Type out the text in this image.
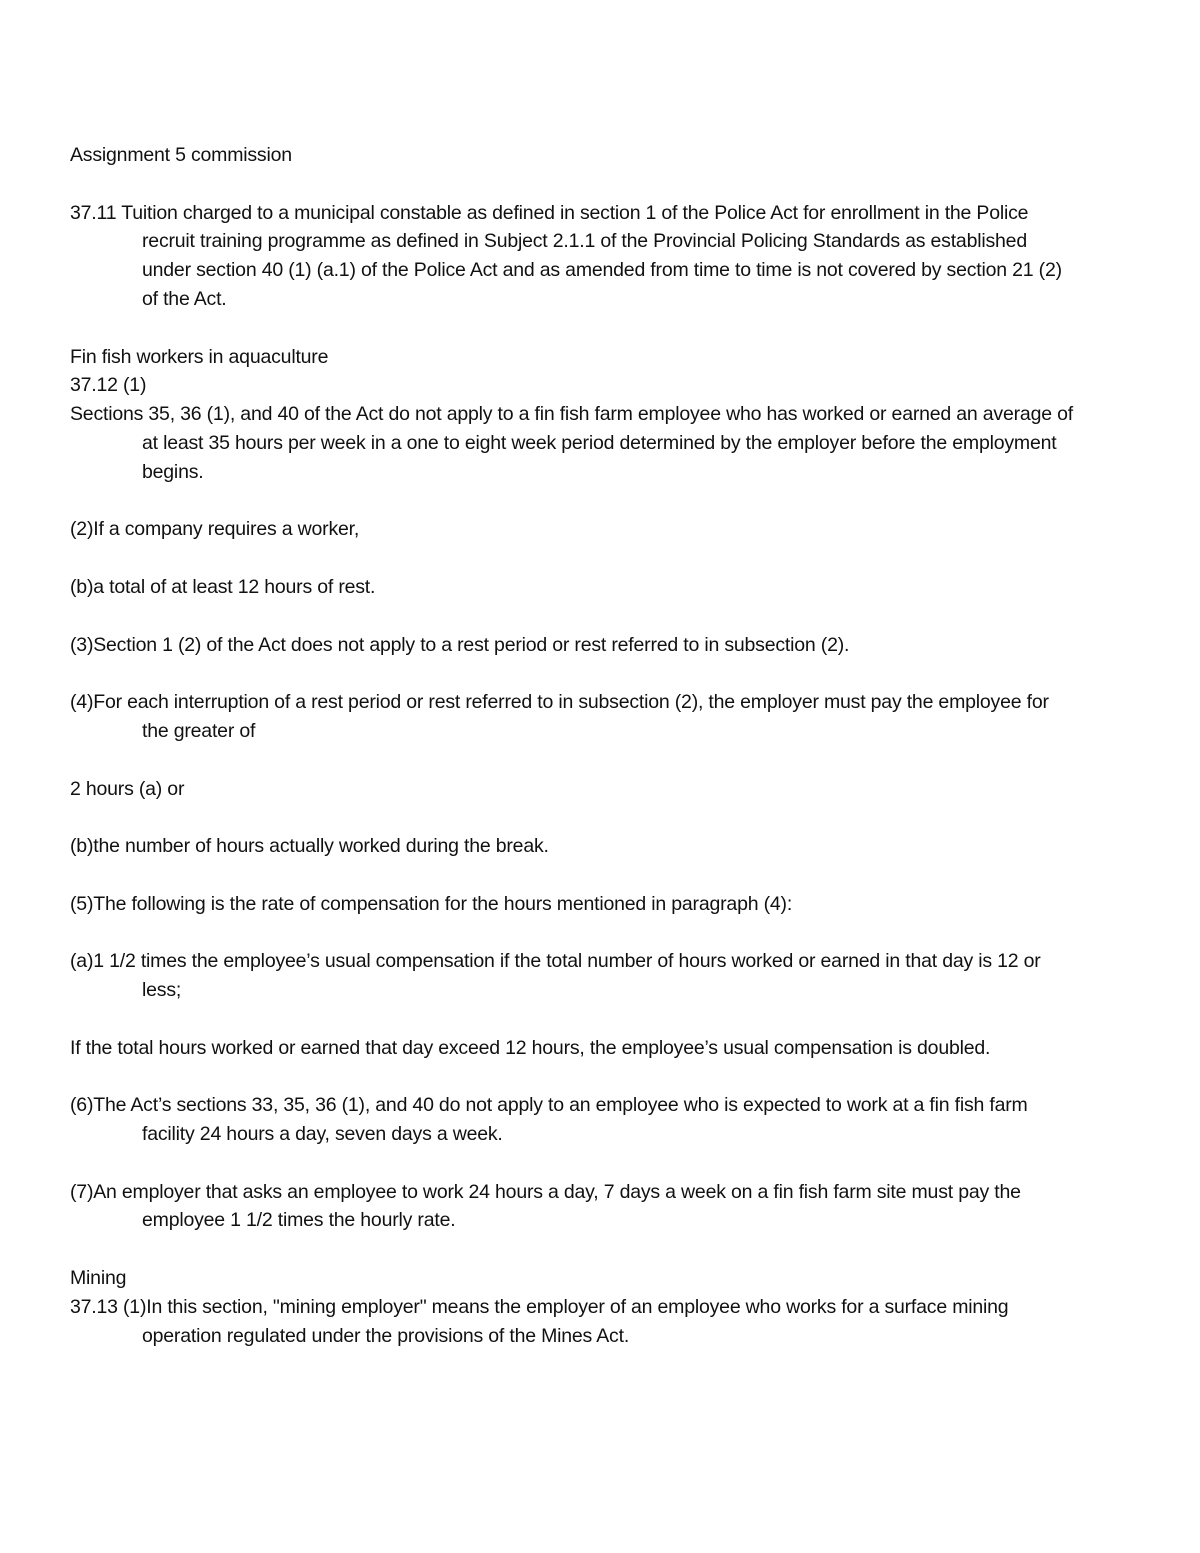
Assignment 5 commission

37.11 Tuition charged to a municipal constable as defined in section 1 of the Police Act for enrollment in the Police recruit training programme as defined in Subject 2.1.1 of the Provincial Policing Standards as established under section 40 (1) (a.1) of the Police Act and as amended from time to time is not covered by section 21 (2) of the Act.

Fin fish workers in aquaculture

37.12 (1)

Sections 35, 36 (1), and 40 of the Act do not apply to a fin fish farm employee who has worked or earned an average of at least 35 hours per week in a one to eight week period determined by the employer before the employment begins.

(2)If a company requires a worker,

(b)a total of at least 12 hours of rest.

(3)Section 1 (2) of the Act does not apply to a rest period or rest referred to in subsection (2).

(4)For each interruption of a rest period or rest referred to in subsection (2), the employer must pay the employee for the greater of

2 hours (a) or

(b)the number of hours actually worked during the break.

(5)The following is the rate of compensation for the hours mentioned in paragraph (4):

(a)1 1/2 times the employee’s usual compensation if the total number of hours worked or earned in that day is 12 or less;

If the total hours worked or earned that day exceed 12 hours, the employee’s usual compensation is doubled.

(6)The Act’s sections 33, 35, 36 (1), and 40 do not apply to an employee who is expected to work at a fin fish farm facility 24 hours a day, seven days a week.

(7)An employer that asks an employee to work 24 hours a day, 7 days a week on a fin fish farm site must pay the employee 1 1/2 times the hourly rate.

Mining

37.13 (1)In this section, "mining employer" means the employer of an employee who works for a surface mining operation regulated under the provisions of the Mines Act.
